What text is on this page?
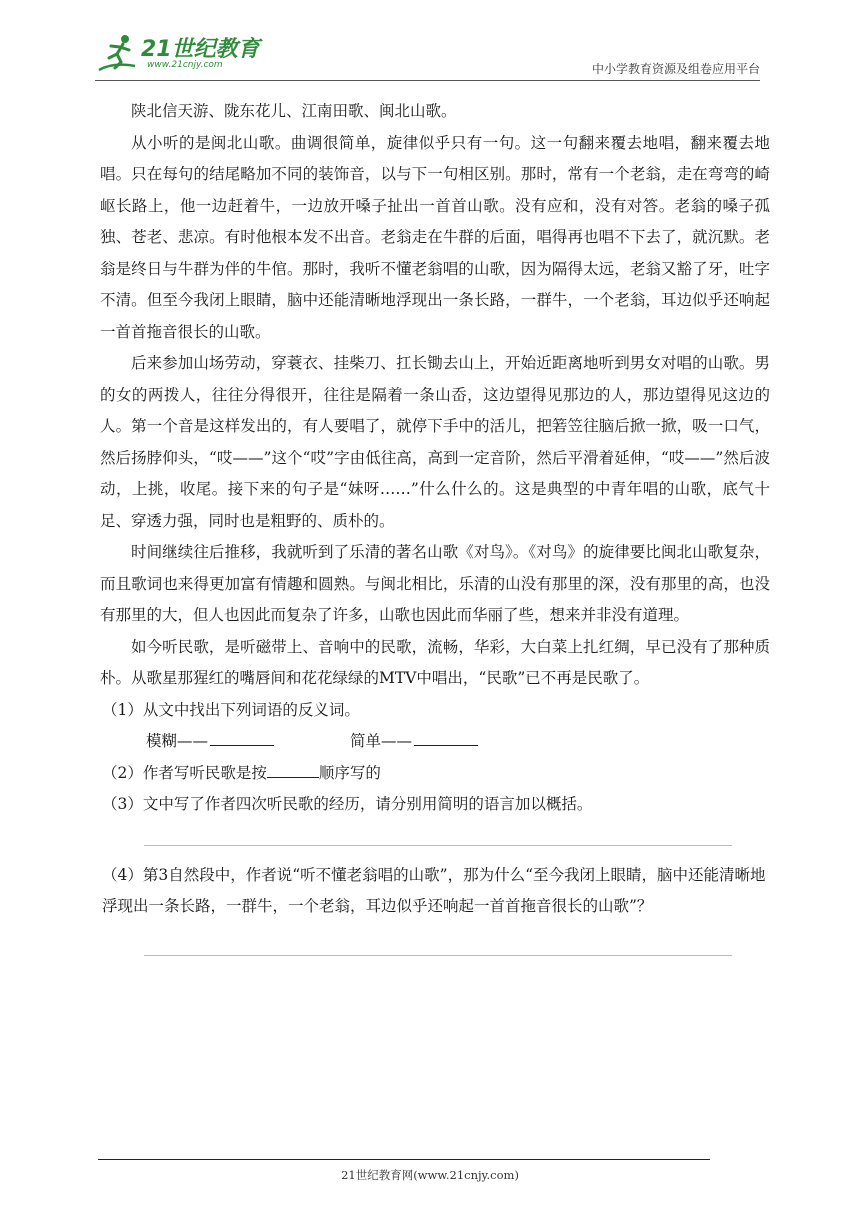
21世纪教育
www.21cnjy.com	中小学教育资源及组卷应用平台

陕北信天游、陇东花儿、江南田歌、闽北山歌。

从小听的是闽北山歌。曲调很简单，旋律似乎只有一句。这一句翻来覆去地唱，翻来覆去地唱。只在每句的结尾略加不同的装饰音，以与下一句相区别。那时，常有一个老翁，走在弯弯的崎岖长路上，他一边赶着牛，一边放开嗓子扯出一首首山歌。没有应和，没有对答。老翁的嗓子孤独、苍老、悲凉。有时他根本发不出音。老翁走在牛群的后面，唱得再也唱不下去了，就沉默。老翁是终日与牛群为伴的牛倌。那时，我听不懂老翁唱的山歌，因为隔得太远，老翁又豁了牙，吐字不清。但至今我闭上眼睛，脑中还能清晰地浮现出一条长路，一群牛，一个老翁，耳边似乎还响起一首首拖音很长的山歌。

后来参加山场劳动，穿蓑衣、挂柴刀、扛长锄去山上，开始近距离地听到男女对唱的山歌。男的女的两拨人，往往分得很开，往往是隔着一条山岙，这边望得见那边的人，那边望得见这边的人。第一个音是这样发出的，有人要唱了，就停下手中的活儿，把箬笠往脑后掀一掀，吸一口气，然后扬脖仰头，“哎——”这个“哎”字由低往高，高到一定音阶，然后平滑着延伸，“哎——”然后波动，上挑，收尾。接下来的句子是“妹呀……”什么什么的。这是典型的中青年唱的山歌，底气十足、穿透力强，同时也是粗野的、质朴的。

时间继续往后推移，我就听到了乐清的著名山歌《对鸟》。《对鸟》的旋律要比闽北山歌复杂，而且歌词也来得更加富有情趣和圆熟。与闽北相比，乐清的山没有那里的深，没有那里的高，也没有那里的大，但人也因此而复杂了许多，山歌也因此而华丽了些，想来并非没有道理。

如今听民歌，是听磁带上、音响中的民歌，流畅，华彩，大白菜上扎红绸，早已没有了那种质朴。从歌星那猩红的嘴唇间和花花绿绿的MTV中唱出，“民歌”已不再是民歌了。

（1）从文中找出下列词语的反义词。

模糊——	简单——

（2）作者写听民歌是按	顺序写的

（3）文中写了作者四次听民歌的经历，请分别用简明的语言加以概括。

（4）第3自然段中，作者说“听不懂老翁唱的山歌”，那为什么“至今我闭上眼睛，脑中还能清晰地浮现出一条长路，一群牛，一个老翁，耳边似乎还响起一首首拖音很长的山歌”？

21世纪教育网(www.21cnjy.com)
